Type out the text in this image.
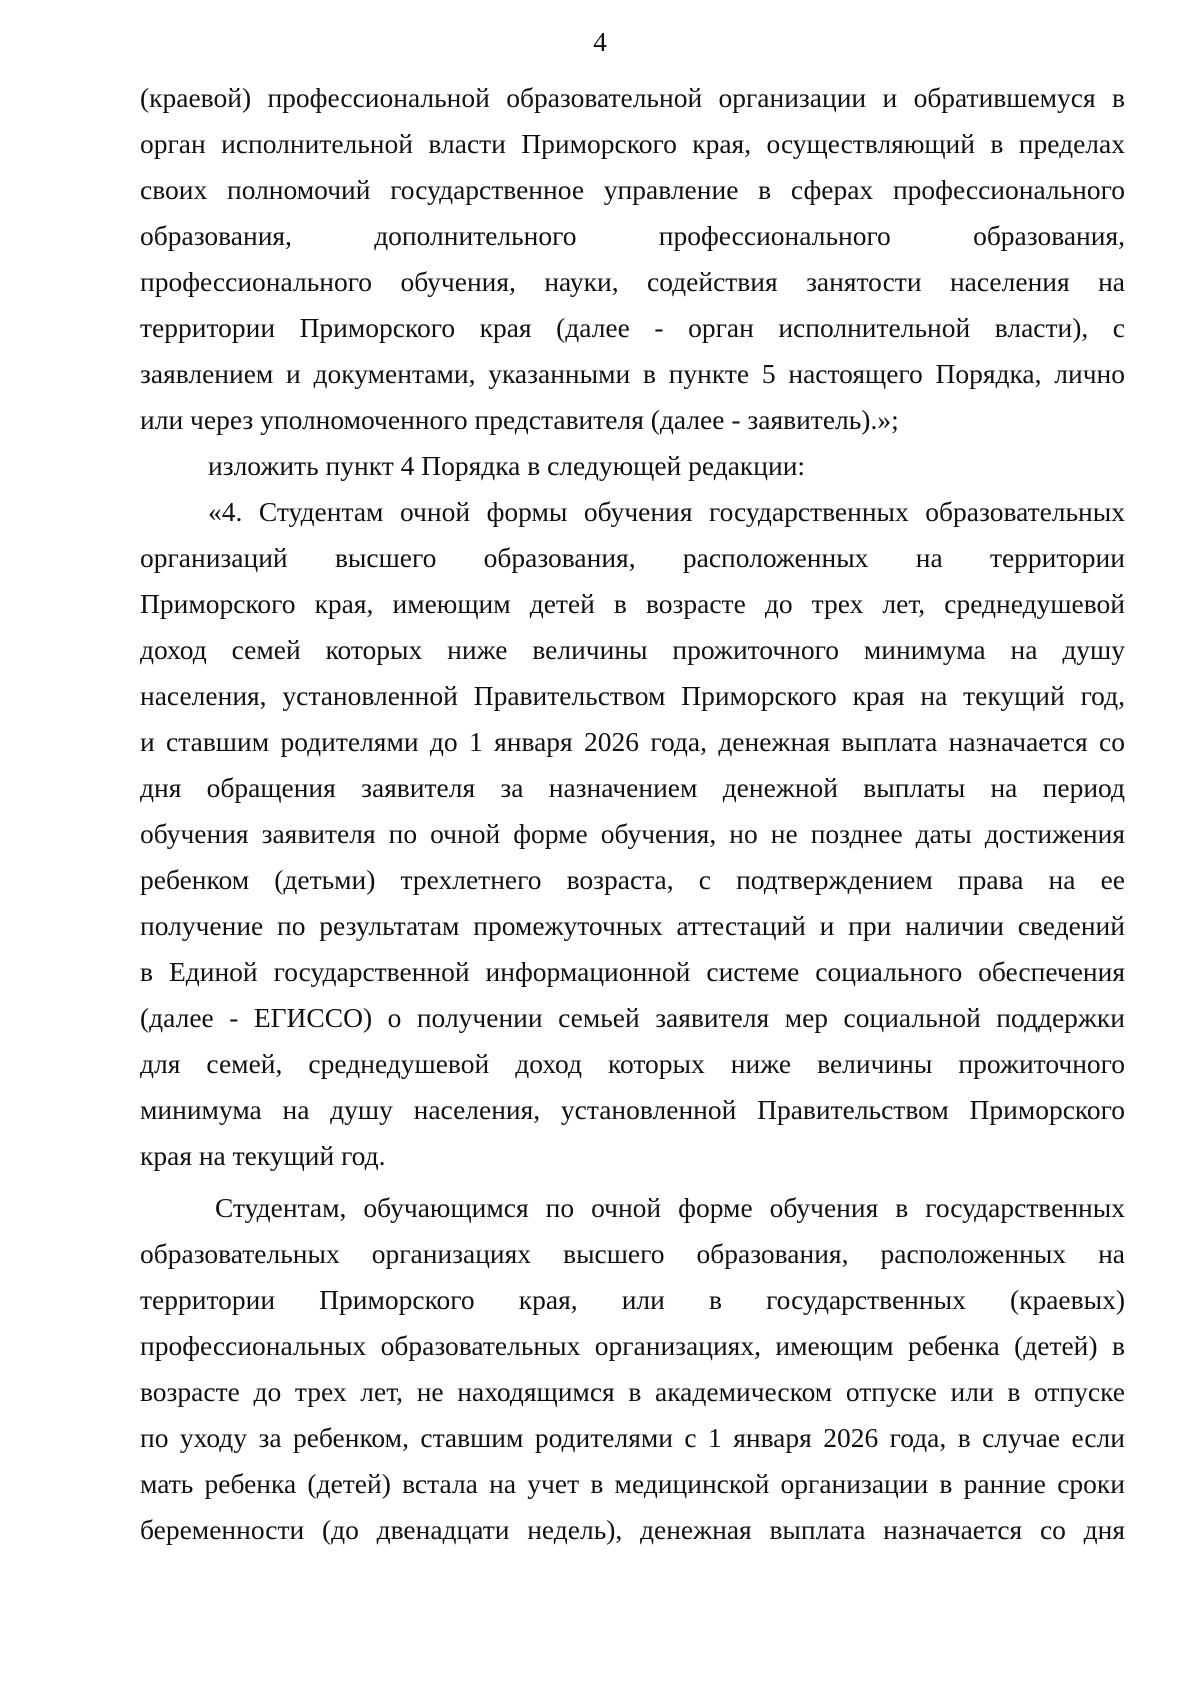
4
(краевой) профессиональной образовательной организации и обратившемуся в
орган исполнительной власти Приморского края, осуществляющий в пределах
своих полномочий государственное управление в сферах профессионального
образования, дополнительного профессионального образования,
профессионального обучения, науки, содействия занятости населения на
территории Приморского края (далее - орган исполнительной власти), с
заявлением и документами, указанными в пункте 5 настоящего Порядка, лично
или через уполномоченного представителя (далее - заявитель).»;
изложить пункт 4 Порядка в следующей редакции:
«4. Студентам очной формы обучения государственных образовательных
организаций высшего образования, расположенных на территории
Приморского края, имеющим детей в возрасте до трех лет, среднедушевой
доход семей которых ниже величины прожиточного минимума на душу
населения, установленной Правительством Приморского края на текущий год,
и ставшим родителями до 1 января 2026 года, денежная выплата назначается со
дня обращения заявителя за назначением денежной выплаты на период
обучения заявителя по очной форме обучения, но не позднее даты достижения
ребенком (детьми) трехлетнего возраста, с подтверждением права на ее
получение по результатам промежуточных аттестаций и при наличии сведений
в Единой государственной информационной системе социального обеспечения
(далее - ЕГИССО) о получении семьей заявителя мер социальной поддержки
для семей, среднедушевой доход которых ниже величины прожиточного
минимума на душу населения, установленной Правительством Приморского
края на текущий год.
Студентам, обучающимся по очной форме обучения в государственных
образовательных организациях высшего образования, расположенных на
территории Приморского края, или в государственных (краевых)
профессиональных образовательных организациях, имеющим ребенка (детей) в
возрасте до трех лет, не находящимся в академическом отпуске или в отпуске
по уходу за ребенком, ставшим родителями с 1 января 2026 года, в случае если
мать ребенка (детей) встала на учет в медицинской организации в ранние сроки
беременности (до двенадцати недель), денежная выплата назначается со дня
